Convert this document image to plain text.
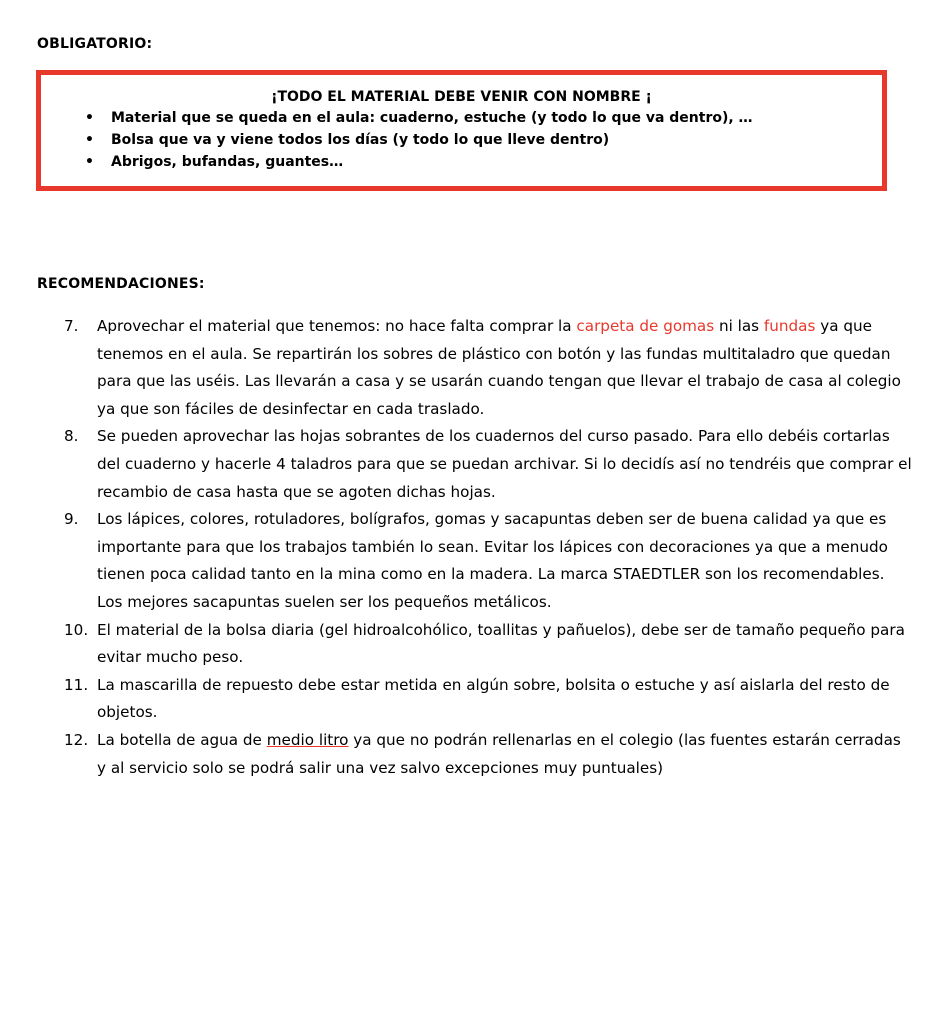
OBLIGATORIO:
¡TODO EL MATERIAL DEBE VENIR CON NOMBRE ¡
• Material que se queda en el aula: cuaderno, estuche (y todo lo que va dentro), …
• Bolsa que va y viene todos los días (y todo lo que lleve dentro)
• Abrigos, bufandas, guantes…
RECOMENDACIONES:
7. Aprovechar el material que tenemos: no hace falta comprar la carpeta de gomas ni las fundas ya que tenemos en el aula. Se repartirán los sobres de plástico con botón y las fundas multitaladro que quedan para que las uséis. Las llevarán a casa y se usarán cuando tengan que llevar el trabajo de casa al colegio ya que son fáciles de desinfectar en cada traslado.
8. Se pueden aprovechar las hojas sobrantes de los cuadernos del curso pasado. Para ello debéis cortarlas del cuaderno y hacerle 4 taladros para que se puedan archivar. Si lo decidís así no tendréis que comprar el recambio de casa hasta que se agoten dichas hojas.
9. Los lápices, colores, rotuladores, bolígrafos, gomas y sacapuntas deben ser de buena calidad ya que es importante para que los trabajos también lo sean. Evitar los lápices con decoraciones ya que a menudo tienen poca calidad tanto en la mina como en la madera. La marca STAEDTLER son los recomendables. Los mejores sacapuntas suelen ser los pequeños metálicos.
10. El material de la bolsa diaria (gel hidroalcohólico, toallitas y pañuelos), debe ser de tamaño pequeño para evitar mucho peso.
11. La mascarilla de repuesto debe estar metida en algún sobre, bolsita o estuche y así aislarla del resto de objetos.
12. La botella de agua de medio litro ya que no podrán rellenarlas en el colegio (las fuentes estarán cerradas y al servicio solo se podrá salir una vez salvo excepciones muy puntuales)
